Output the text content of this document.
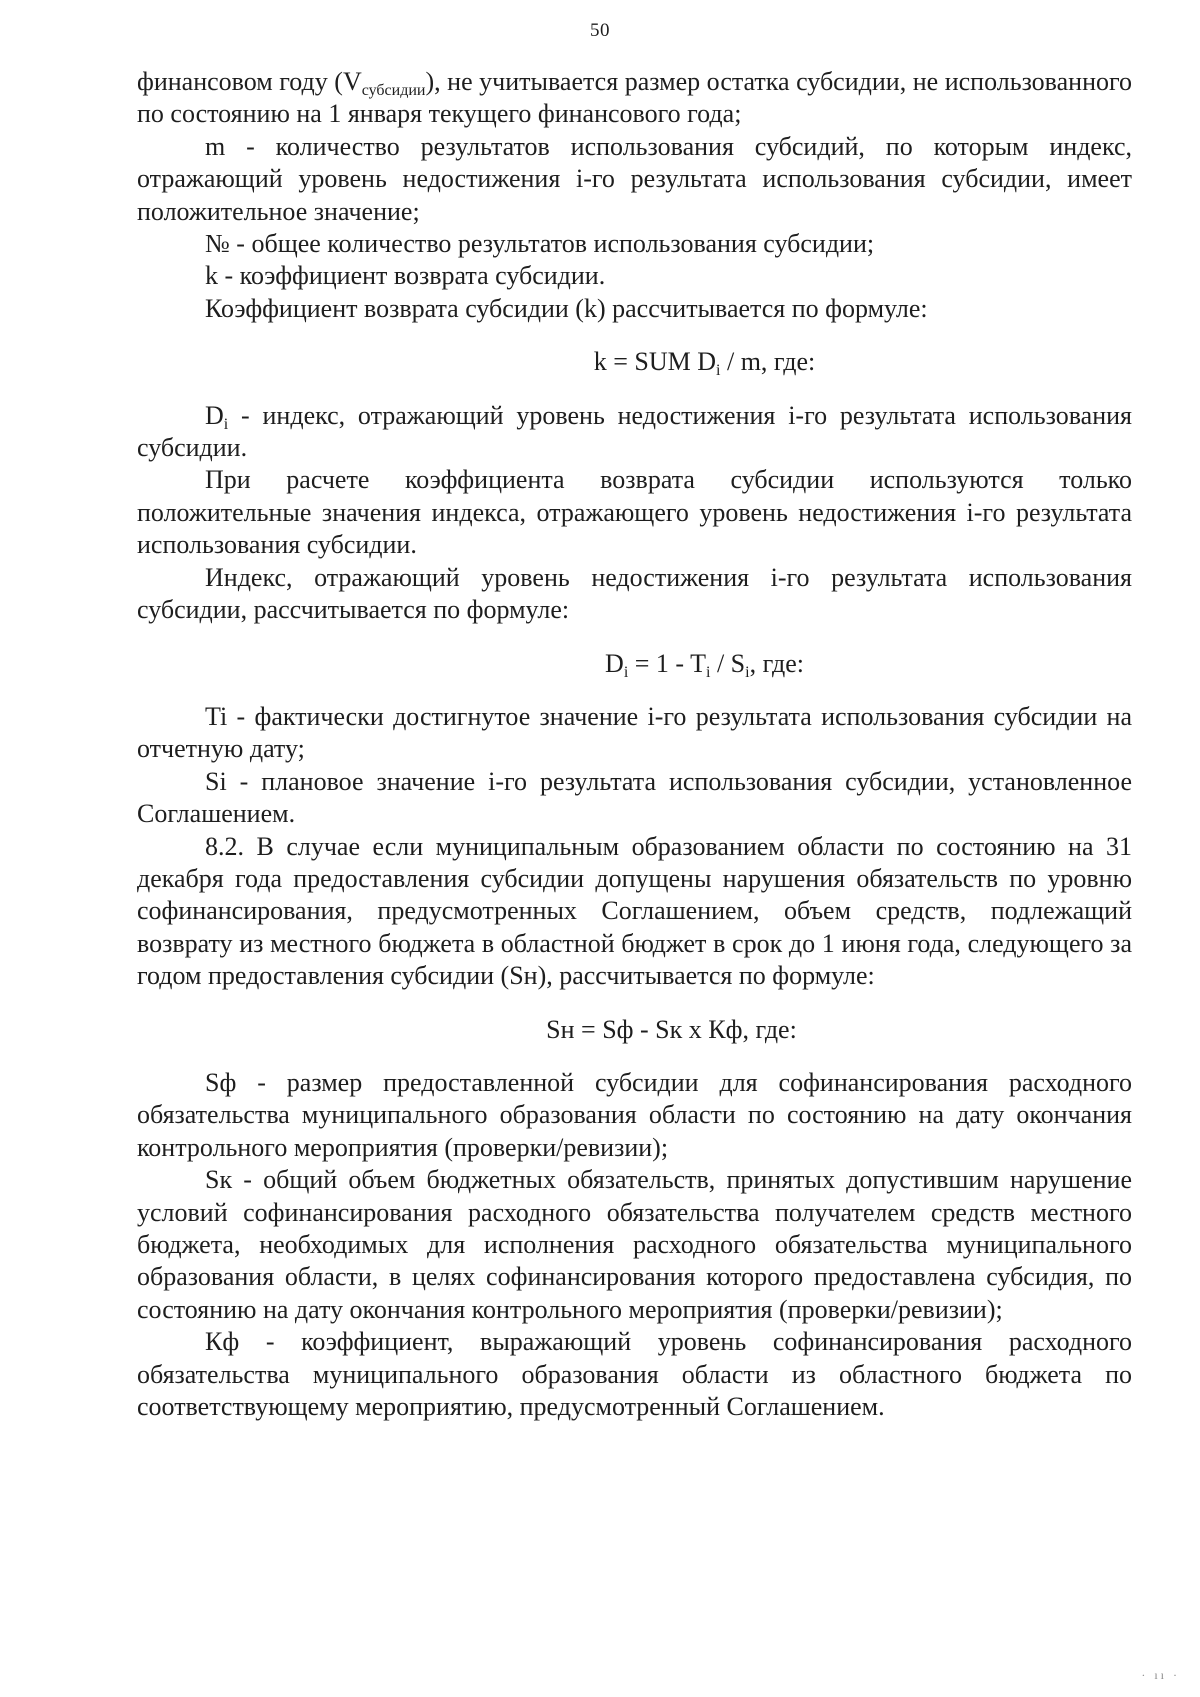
50

финансовом году $(V_{субсидии})$, не учитывается размер остатка субсидии, не использованного по состоянию на 1 января текущего финансового года;

m - количество результатов использования субсидий, по которым индекс, отражающий уровень недостижения i-го результата использования субсидии, имеет положительное значение;

№ - общее количество результатов использования субсидии;

k - коэффициент возврата субсидии.

Коэффициент возврата субсидии (k) рассчитывается по формуле:

k = SUM $D_i$ / m, где:

$D_i$ - индекс, отражающий уровень недостижения i-го результата использования субсидии.

При расчете коэффициента возврата субсидии используются только положительные значения индекса, отражающего уровень недостижения i-го результата использования субсидии.

Индекс, отражающий уровень недостижения i-го результата использования субсидии, рассчитывается по формуле:

$D_i = 1 - T_i / S_i$, где:

Ti - фактически достигнутое значение i-го результата использования субсидии на отчетную дату;

Si - плановое значение i-го результата использования субсидии, установленное Соглашением.

8.2. В случае если муниципальным образованием области по состоянию на 31 декабря года предоставления субсидии допущены нарушения обязательств по уровню софинансирования, предусмотренных Соглашением, объем средств, подлежащий возврату из местного бюджета в областной бюджет в срок до 1 июня года, следующего за годом предоставления субсидии (Sн), рассчитывается по формуле:

Sн = Sф - Sк х Кф, где:

Sф - размер предоставленной субсидии для софинансирования расходного обязательства муниципального образования области по состоянию на дату окончания контрольного мероприятия (проверки/ревизии);

Sк - общий объем бюджетных обязательств, принятых допустившим нарушение условий софинансирования расходного обязательства получателем средств местного бюджета, необходимых для исполнения расходного обязательства муниципального образования области, в целях софинансирования которого предоставлена субсидия, по состоянию на дату окончания контрольного мероприятия (проверки/ревизии);

Кф - коэффициент, выражающий уровень софинансирования расходного обязательства муниципального образования области из областного бюджета по соответствующему мероприятию, предусмотренный Соглашением.

· ıı ·
